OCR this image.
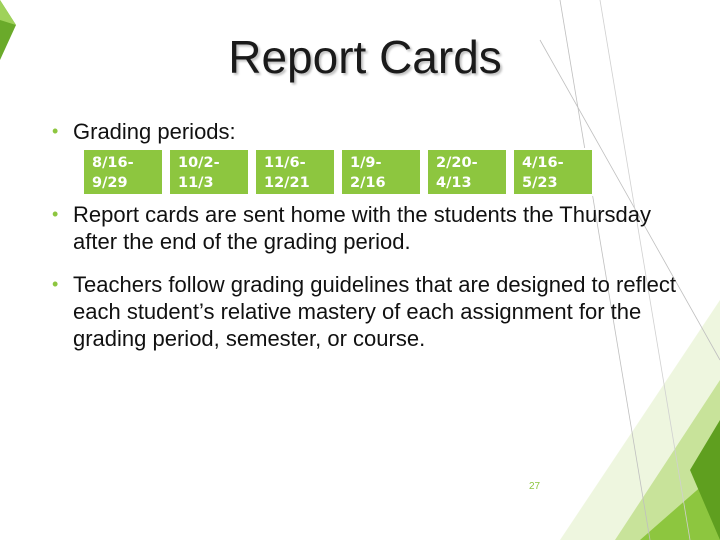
Report Cards
• Grading periods:
8/16-
9/29
10/2-
11/3
11/6-
12/21
1/9-
2/16
2/20-
4/13
4/16-
5/23
• Report cards are sent home with the students the Thursday after the end of the grading period.
• Teachers follow grading guidelines that are designed to reflect each student’s relative mastery of each assignment for the grading period, semester, or course.
27
